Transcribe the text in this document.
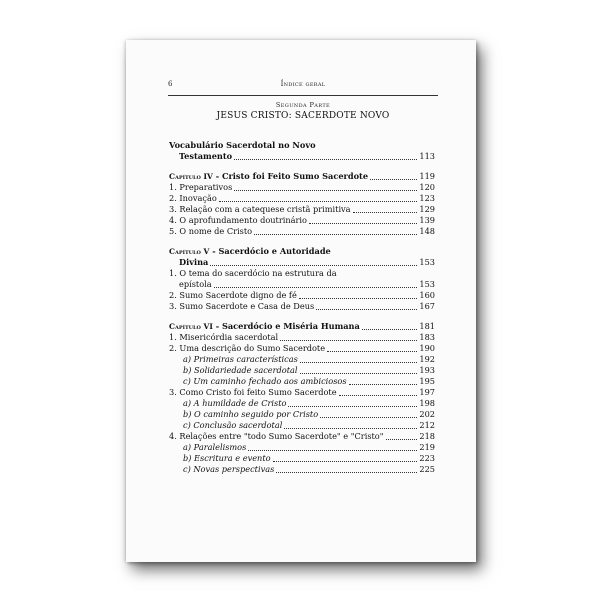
6	Índice geral
Segunda Parte
JESUS CRISTO: SACERDOTE NOVO
Vocabulário Sacerdotal no Novo
Testamento	113
Capítulo IV - Cristo foi Feito Sumo Sacerdote	119
1. Preparativos	120
2. Inovação	123
3. Relação com a catequese cristã primitiva	129
4. O aprofundamento doutrinário	139
5. O nome de Cristo	148
Capítulo V - Sacerdócio e Autoridade
Divina	153
1. O tema do sacerdócio na estrutura da
epístola	153
2. Sumo Sacerdote digno de fé	160
3. Sumo Sacerdote e Casa de Deus	167
Capítulo VI - Sacerdócio e Miséria Humana	181
1. Misericórdia sacerdotal	183
2. Uma descrição do Sumo Sacerdote	190
a) Primeiras características	192
b) Solidariedade sacerdotal	193
c) Um caminho fechado aos ambiciosos	195
3. Como Cristo foi feito Sumo Sacerdote	197
a) A humildade de Cristo	198
b) O caminho seguido por Cristo	202
c) Conclusão sacerdotal	212
4. Relações entre "todo Sumo Sacerdote" e "Cristo"	218
a) Paralelismos	219
b) Escritura e evento	223
c) Novas perspectivas	225
